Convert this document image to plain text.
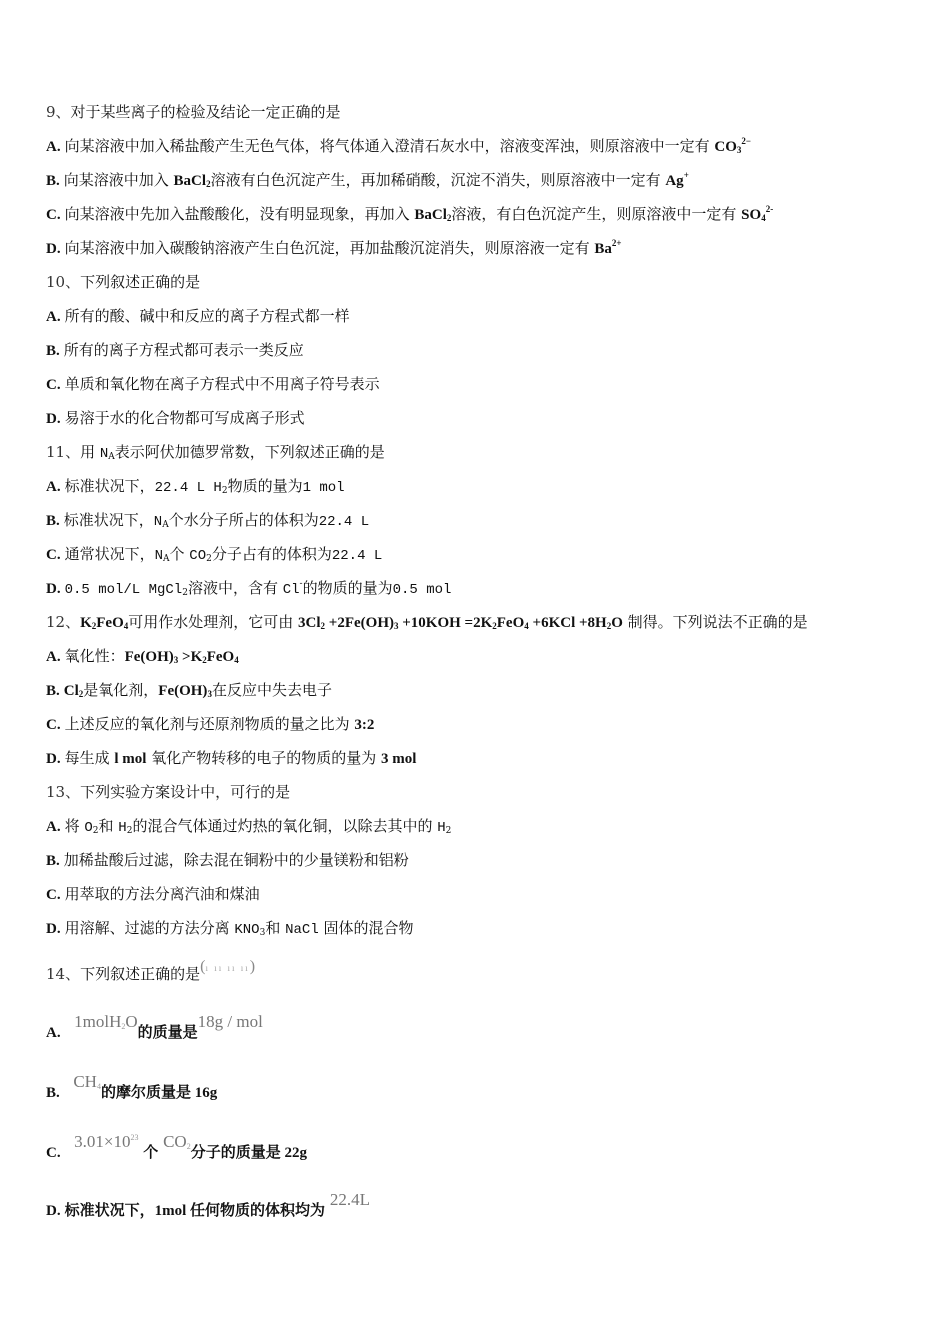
9、对于某些离子的检验及结论一定正确的是
A. 向某溶液中加入稀盐酸产生无色气体，将气体通入澄清石灰水中，溶液变浑浊，则原溶液中一定有 $CO_3^{2-}$
B. 向某溶液中加入 BaCl$_2$溶液有白色沉淀产生，再加稀硝酸，沉淀不消失，则原溶液中一定有 Ag+
C. 向某溶液中先加入盐酸酸化，没有明显现象，再加入 BaCl$_2$溶液，有白色沉淀产生，则原溶液中一定有 $SO_4^{2-}$
D. 向某溶液中加入碳酸钠溶液产生白色沉淀，再加盐酸沉淀消失，则原溶液一定有 $Ba^{2+}$
10、下列叙述正确的是
A. 所有的酸、碱中和反应的离子方程式都一样
B. 所有的离子方程式都可表示一类反应
C. 单质和氧化物在离子方程式中不用离子符号表示
D. 易溶于水的化合物都可写成离子形式
11、用 $N_A$表示阿伏加德罗常数，下列叙述正确的是
A. 标准状况下，22.4 L $H_2$物质的量为1 mol
B. 标准状况下，$N_A$个水分子所占的体积为22.4 L
C. 通常状况下，$N_A$个 $CO_2$分子占有的体积为22.4 L
D. 0.5 mol/L MgCl$_2$溶液中，含有 Cl-的物质的量为0.5 mol
12、$K_2FeO_4$可用作水处理剂，它可由 $3Cl_2 +2Fe(OH)_3 +10KOH =2K_2FeO_4 +6KCl +8H_2O$ 制得。下列说法不正确的是
A. 氧化性：$Fe(OH)_3 >K_2FeO_4$
B. $Cl_2$是氧化剂，$Fe(OH)_3$在反应中失去电子
C. 上述反应的氧化剂与还原剂物质的量之比为 3:2
D. 每生成 l mol 氧化产物转移的电子的物质的量为 3 mol
13、下列实验方案设计中，可行的是
A. 将 $O_2$和 $H_2$的混合气体通过灼热的氧化铜，以除去其中的 $H_2$
B. 加稀盐酸后过滤，除去混在铜粉中的少量镁粉和铝粉
C. 用萃取的方法分离汽油和煤油
D. 用溶解、过滤的方法分离 $KNO_3$和 NaCl 固体的混合物
14、下列叙述正确的是(ı ıı ıı ıı)
A.  1molH$_2$O的质量是18g / mol
B.  $CH_4$的摩尔质量是 16g
C.  $3.01\times 10^{23}$ 个 $CO_2$分子的质量是 22g
D. 标准状况下，1mol 任何物质的体积均为 22.4L
